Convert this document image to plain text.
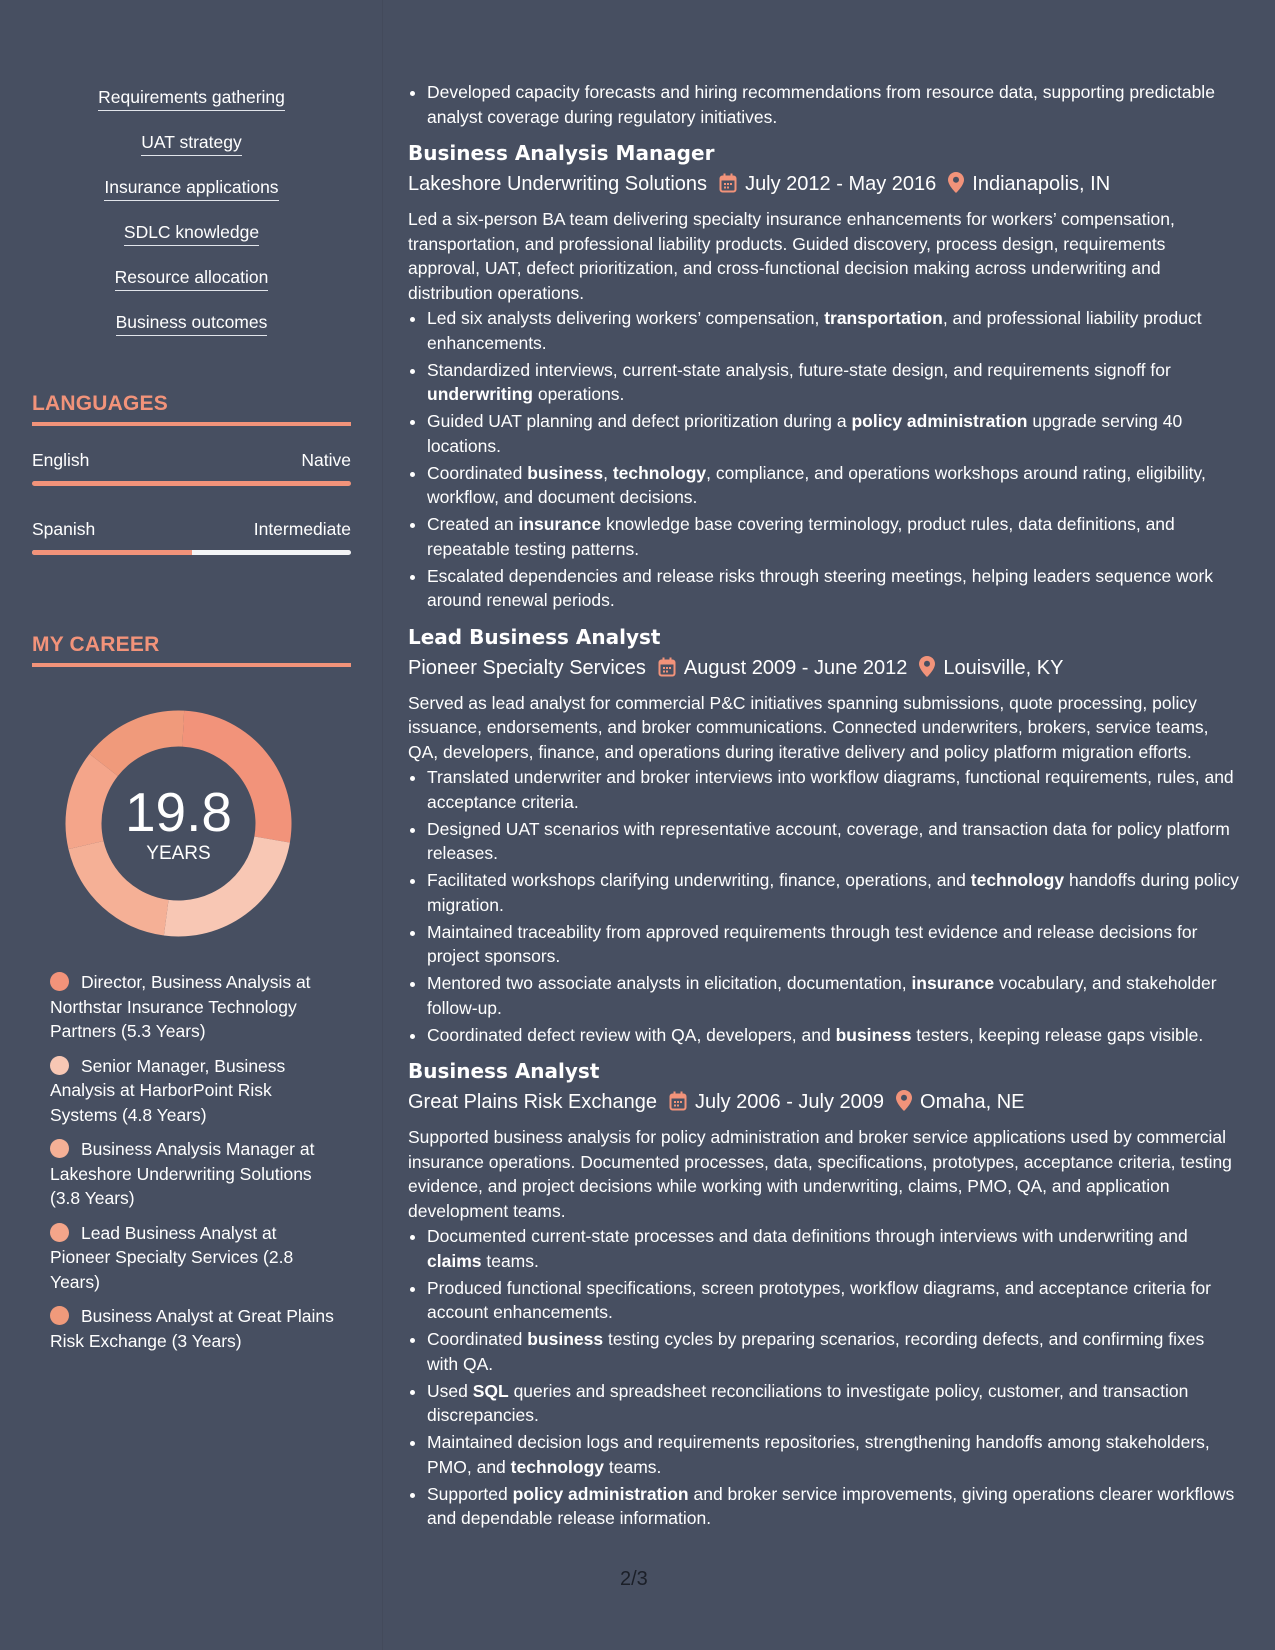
Requirements gathering
UAT strategy
Insurance applications
SDLC knowledge
Resource allocation
Business outcomes
LANGUAGES
English	Native
Spanish	Intermediate
MY CAREER
19.8
YEARS
Director, Business Analysis at Northstar Insurance Technology Partners (5.3 Years)
Senior Manager, Business Analysis at HarborPoint Risk Systems (4.8 Years)
Business Analysis Manager at Lakeshore Underwriting Solutions (3.8 Years)
Lead Business Analyst at Pioneer Specialty Services (2.8 Years)
Business Analyst at Great Plains Risk Exchange (3 Years)
• Developed capacity forecasts and hiring recommendations from resource data, supporting predictable analyst coverage during regulatory initiatives.
Business Analysis Manager
Lakeshore Underwriting Solutions July 2012 - May 2016 Indianapolis, IN
Led a six-person BA team delivering specialty insurance enhancements for workers’ compensation, transportation, and professional liability products. Guided discovery, process design, requirements approval, UAT, defect prioritization, and cross-functional decision making across underwriting and distribution operations.
• Led six analysts delivering workers’ compensation, transportation, and professional liability product enhancements.
• Standardized interviews, current-state analysis, future-state design, and requirements signoff for underwriting operations.
• Guided UAT planning and defect prioritization during a policy administration upgrade serving 40 locations.
• Coordinated business, technology, compliance, and operations workshops around rating, eligibility, workflow, and document decisions.
• Created an insurance knowledge base covering terminology, product rules, data definitions, and repeatable testing patterns.
• Escalated dependencies and release risks through steering meetings, helping leaders sequence work around renewal periods.
Lead Business Analyst
Pioneer Specialty Services August 2009 - June 2012 Louisville, KY
Served as lead analyst for commercial P&C initiatives spanning submissions, quote processing, policy issuance, endorsements, and broker communications. Connected underwriters, brokers, service teams, QA, developers, finance, and operations during iterative delivery and policy platform migration efforts.
• Translated underwriter and broker interviews into workflow diagrams, functional requirements, rules, and acceptance criteria.
• Designed UAT scenarios with representative account, coverage, and transaction data for policy platform releases.
• Facilitated workshops clarifying underwriting, finance, operations, and technology handoffs during policy migration.
• Maintained traceability from approved requirements through test evidence and release decisions for project sponsors.
• Mentored two associate analysts in elicitation, documentation, insurance vocabulary, and stakeholder follow-up.
• Coordinated defect review with QA, developers, and business testers, keeping release gaps visible.
Business Analyst
Great Plains Risk Exchange July 2006 - July 2009 Omaha, NE
Supported business analysis for policy administration and broker service applications used by commercial insurance operations. Documented processes, data, specifications, prototypes, acceptance criteria, testing evidence, and project decisions while working with underwriting, claims, PMO, QA, and application development teams.
• Documented current-state processes and data definitions through interviews with underwriting and claims teams.
• Produced functional specifications, screen prototypes, workflow diagrams, and acceptance criteria for account enhancements.
• Coordinated business testing cycles by preparing scenarios, recording defects, and confirming fixes with QA.
• Used SQL queries and spreadsheet reconciliations to investigate policy, customer, and transaction discrepancies.
• Maintained decision logs and requirements repositories, strengthening handoffs among stakeholders, PMO, and technology teams.
• Supported policy administration and broker service improvements, giving operations clearer workflows and dependable release information.
2/3
